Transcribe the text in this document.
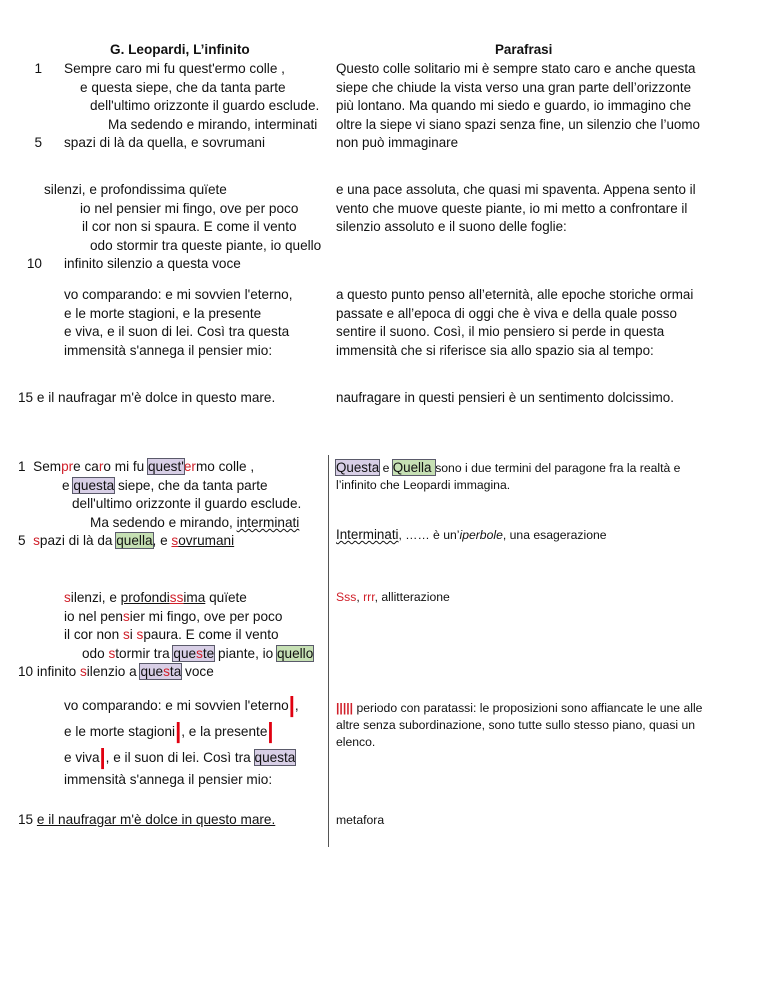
G. Leopardi, L’infinito	Parafrasi
1 Sempre caro mi fu quest'ermo colle ,
e questa siepe, che da tanta parte
dell'ultimo orizzonte il guardo esclude.
Ma sedendo e mirando, interminati
5 spazi di là da quella, e sovrumani
Questo colle solitario mi è sempre stato caro e anche questa siepe che chiude la vista verso una gran parte dell’orizzonte più lontano. Ma quando mi siedo e guardo, io immagino che oltre la siepe vi siano spazi senza fine, un silenzio che l’uomo non può immaginare
silenzi, e profondissima quïete
io nel pensier mi fingo, ove per poco
il cor non si spaura. E come il vento
odo stormir tra queste piante, io quello
10 infinito silenzio a questa voce
e una pace assoluta, che quasi mi spaventa. Appena sento il vento che muove queste piante, io mi metto a confrontare il silenzio assoluto e il suono delle foglie:
vo comparando: e mi sovvien l'eterno,
e le morte stagioni, e la presente
e viva, e il suon di lei. Così tra questa
immensità s'annega il pensier mio:
a questo punto penso all’eternità, alle epoche storiche ormai passate e all’epoca di oggi che è viva e della quale posso sentire il suono. Così, il mio pensiero si perde in questa immensità che si riferisce sia allo spazio sia al tempo:
15 e il naufragar m'è dolce in questo mare.	naufragare in questi pensieri è un sentimento dolcissimo.
1 Sempre caro mi fu quest'ermo colle ,
e questa siepe, che da tanta parte
dell'ultimo orizzonte il guardo esclude.
Ma sedendo e mirando, interminati
5 spazi di là da quella, e sovrumani
silenzi, e profondissima quïete
io nel pensier mi fingo, ove per poco
il cor non si spaura. E come il vento
odo stormir tra queste piante, io quello
10 infinito silenzio a questa voce
vo comparando: e mi sovvien l'eterno|,
e le morte stagioni|, e la presente|
e viva|, e il suon di lei. Così tra questa
immensità s'annega il pensier mio:
15 e il naufragar m'è dolce in questo mare.
Questa e Quella sono i due termini del paragone fra la realtà e l’infinito che Leopardi immagina.
Interminati, …… è un’iperbole, una esagerazione
Sss, rrr, allitterazione
||||| periodo con paratassi: le proposizioni sono affiancate le une alle altre senza subordinazione, sono tutte sullo stesso piano, quasi un elenco.
metafora
